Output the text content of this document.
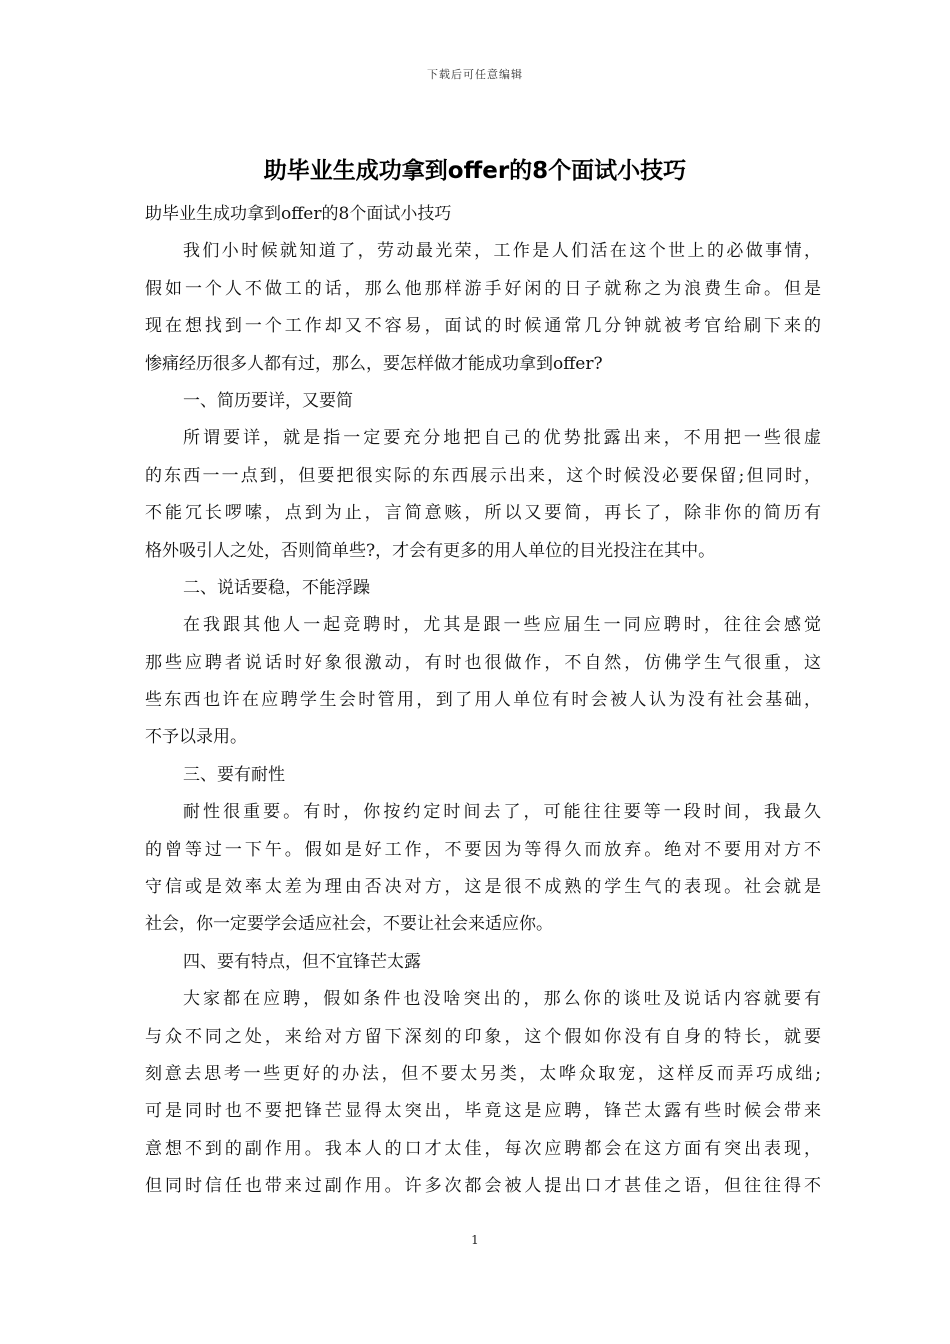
下载后可任意编辑
助毕业生成功拿到offer的8个面试小技巧
助毕业生成功拿到offer的8个面试小技巧
我们小时候就知道了，劳动最光荣，工作是人们活在这个世上的必做事情，
假如一个人不做工的话，那么他那样游手好闲的日子就称之为浪费生命。但是
现在想找到一个工作却又不容易，面试的时候通常几分钟就被考官给刷下来的
惨痛经历很多人都有过，那么，要怎样做才能成功拿到offer?
一、简历要详，又要简
所谓要详，就是指一定要充分地把自己的优势批露出来，不用把一些很虚
的东西一一点到，但要把很实际的东西展示出来，这个时候没必要保留;但同时，
不能冗长啰嗦，点到为止，言简意赅，所以又要简，再长了，除非你的简历有
格外吸引人之处，否则简单些?，才会有更多的用人单位的目光投注在其中。
二、说话要稳，不能浮躁
在我跟其他人一起竞聘时，尤其是跟一些应届生一同应聘时，往往会感觉
那些应聘者说话时好象很激动，有时也很做作，不自然，仿佛学生气很重，这
些东西也许在应聘学生会时管用，到了用人单位有时会被人认为没有社会基础，
不予以录用。
三、要有耐性
耐性很重要。有时，你按约定时间去了，可能往往要等一段时间，我最久
的曾等过一下午。假如是好工作，不要因为等得久而放弃。绝对不要用对方不
守信或是效率太差为理由否决对方，这是很不成熟的学生气的表现。社会就是
社会，你一定要学会适应社会，不要让社会来适应你。
四、要有特点，但不宜锋芒太露
大家都在应聘，假如条件也没啥突出的，那么你的谈吐及说话内容就要有
与众不同之处，来给对方留下深刻的印象，这个假如你没有自身的特长，就要
刻意去思考一些更好的办法，但不要太另类，太哗众取宠，这样反而弄巧成绌;
可是同时也不要把锋芒显得太突出，毕竟这是应聘，锋芒太露有些时候会带来
意想不到的副作用。我本人的口才太佳，每次应聘都会在这方面有突出表现，
但同时信任也带来过副作用。许多次都会被人提出口才甚佳之语，但往往得不
1
